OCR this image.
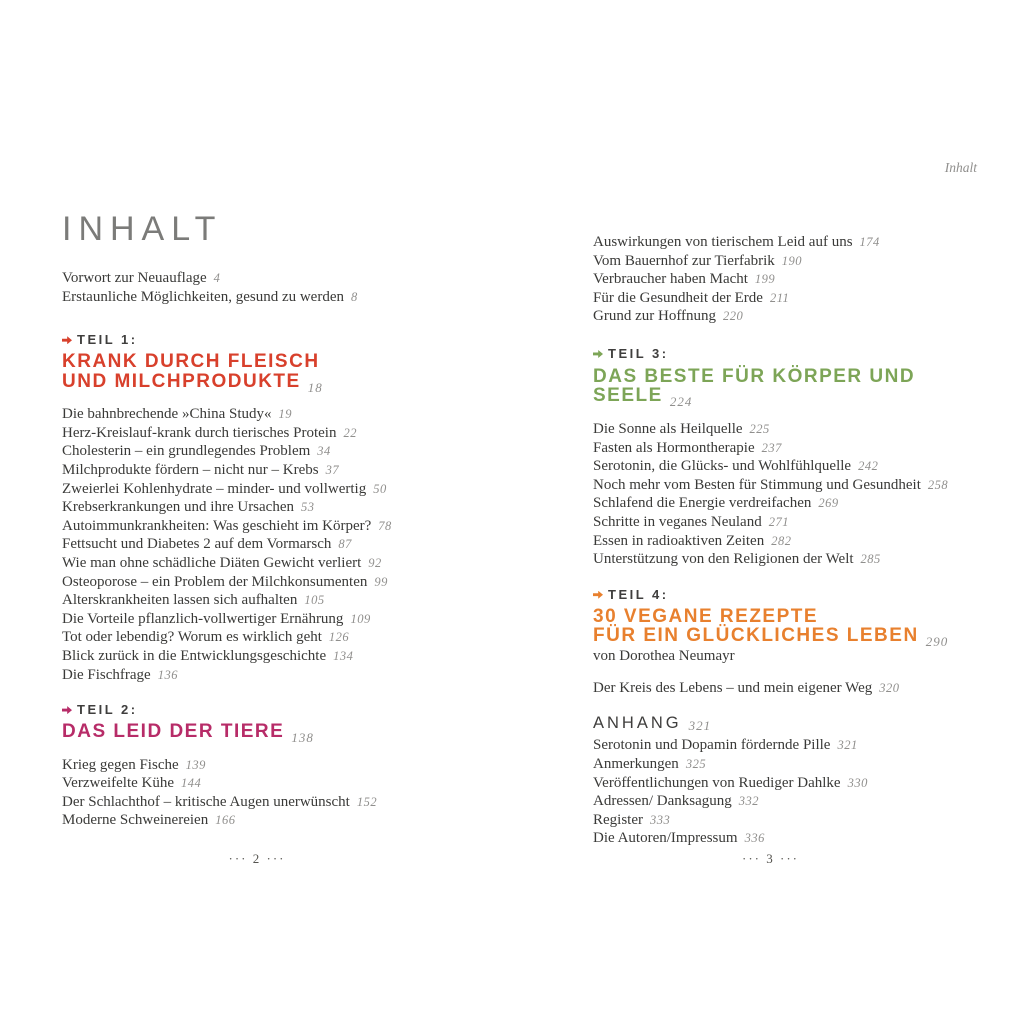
Inhalt
INHALT
Vorwort zur Neuauflage 4
Erstaunliche Möglichkeiten, gesund zu werden 8
TEIL 1:
KRANK DURCH FLEISCH
UND MILCHPRODUKTE $_{18}$
Die bahnbrechende »China Study« 19
Herz-Kreislauf-krank durch tierisches Protein 22
Cholesterin – ein grundlegendes Problem 34
Milchprodukte fördern – nicht nur – Krebs 37
Zweierlei Kohlenhydrate – minder- und vollwertig 50
Krebserkrankungen und ihre Ursachen 53
Autoimmunkrankheiten: Was geschieht im Körper? 78
Fettsucht und Diabetes 2 auf dem Vormarsch 87
Wie man ohne schädliche Diäten Gewicht verliert 92
Osteoporose – ein Problem der Milchkonsumenten 99
Alterskrankheiten lassen sich aufhalten 105
Die Vorteile pflanzlich-vollwertiger Ernährung 109
Tot oder lebendig? Worum es wirklich geht 126
Blick zurück in die Entwicklungsgeschichte 134
Die Fischfrage 136
TEIL 2:
DAS LEID DER TIERE $_{138}$
Krieg gegen Fische 139
Verzweifelte Kühe 144
Der Schlachthof – kritische Augen unerwünscht 152
Moderne Schweinereien 166
Auswirkungen von tierischem Leid auf uns 174
Vom Bauernhof zur Tierfabrik 190
Verbraucher haben Macht 199
Für die Gesundheit der Erde 211
Grund zur Hoffnung 220
TEIL 3:
DAS BESTE FÜR KÖRPER UND SEELE $_{224}$
Die Sonne als Heilquelle 225
Fasten als Hormontherapie 237
Serotonin, die Glücks- und Wohlfühlquelle 242
Noch mehr vom Besten für Stimmung und Gesundheit 258
Schlafend die Energie verdreifachen 269
Schritte in veganes Neuland 271
Essen in radioaktiven Zeiten 282
Unterstützung von den Religionen der Welt 285
TEIL 4:
30 VEGANE REZEPTE
FÜR EIN GLÜCKLICHES LEBEN $_{290}$
von Dorothea Neumayr
Der Kreis des Lebens – und mein eigener Weg 320
ANHANG 321
Serotonin und Dopamin fördernde Pille 321
Anmerkungen 325
Veröffentlichungen von Ruediger Dahlke 330
Adressen/ Danksagung 332
Register 333
Die Autoren/Impressum 336
··· 2 ···	··· 3 ···
